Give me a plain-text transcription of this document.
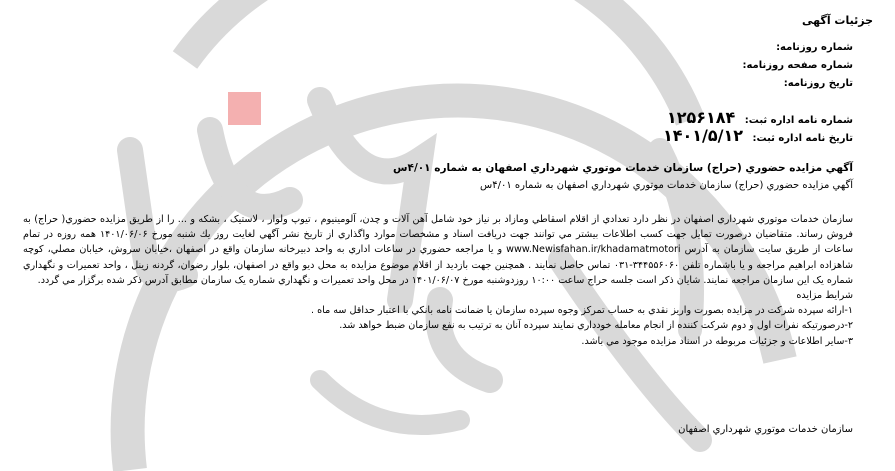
جزئيات آگهی
شماره روزنامه:
شماره صفحه روزنامه:
تاريخ روزنامه:
شماره نامه اداره ثبت: ۱۲۵۶۱۸۴
تاريخ نامه اداره ثبت: ۱۴۰۱/۵/۱۲
آگهي مزايده حضوري (حراج) سازمان خدمات موتوري شهرداري اصفهان به شماره ۴/۰۱س
آگهي مزايده حضوري (حراج) سازمان خدمات موتوري شهرداري اصفهان به شماره ۴/۰۱س

سازمان خدمات موتوري شهرداري اصفهان در نظر دارد تعدادي از اقلام اسقاطي ومازاد بر نياز خود شامل آهن آلات و چدن، آلومينيوم ، تيوپ ولوار ، لاستيک ، بشكه و ... را از طريق مزايده حضوري( حراج) به فروش رساند. متقاضيان درصورت تمايل جهت كسب اطلاعات بيشتر مي توانند جهت دريافت اسناد و مشخصات موارد واگذاري از تاريخ نشر آگهي لغايت روز يك شنبه مورخ ۱۴۰۱/۰۶/۰۶ همه روزه در تمام ساعات از طريق سايت سازمان به آدرس www.Newisfahan.ir/khadamatmotori و يا مراجعه حضوري در ساعات اداري به واحد دبيرخانه سازمان واقع در اصفهان ،خيابان سروش، خيابان مصلي، كوچه شاهزاده ابراهيم مراجعه و يا باشماره تلفن ۳۴۴۵۵۶۰۶۰-۰۳۱ تماس حاصل نمايند . همچنين جهت بازديد از اقلام موضوع مزايده به محل ديو واقع در اصفهان، بلوار رضوان، گردنه زينل ، واحد تعميرات و نگهداري شماره يک اين سازمان مراجعه نمايند. شايان ذكر است جلسه حراج ساعت ۱۰:۰۰ روزدوشنبه مورخ ۱۴۰۱/۰۶/۰۷ در محل واحد تعميرات و نگهداري شماره يک سازمان مطابق آدرس ذكر شده برگزار مي گردد.

شرايط مزايده

۱-ارائه سپرده شركت در مزايده بصورت واريز نقدي به حساب تمركز وجوه سپرده سازمان يا ضمانت نامه بانكي با اعتبار حداقل سه ماه .

۲-درصورتيكه نفرات اول و دوم شركت كننده از انجام معامله خودداري نمايند سپرده آنان به ترتيب به نفع سازمان ضبط خواهد شد.

۳-ساير اطلاعات و جزئيات مربوطه در اسناد مزايده موجود مي باشد.

سازمان خدمات موتوري شهرداري اصفهان
